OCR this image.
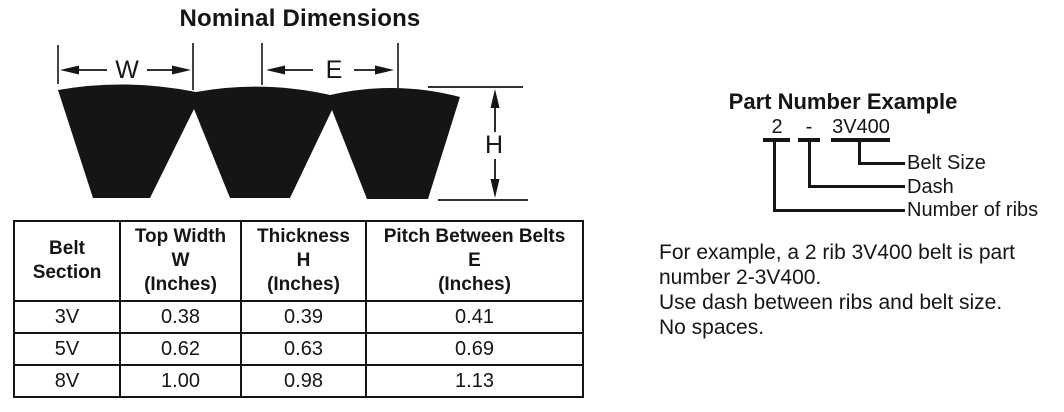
Nominal Dimensions
W	E
H
Belt
Section

Top Width
W
(Inches)

Thickness
H
(Inches)

Pitch Between Belts
E
(Inches)

3V	0.38	0.39	0.41
5V	0.62	0.63	0.69
8V	1.00	0.98	1.13
Part Number Example
2	- 3V400
Belt Size
Dash
Number of ribs
For example, a 2 rib 3V400 belt is part
number 2-3V400.
Use dash between ribs and belt size.
No spaces.
